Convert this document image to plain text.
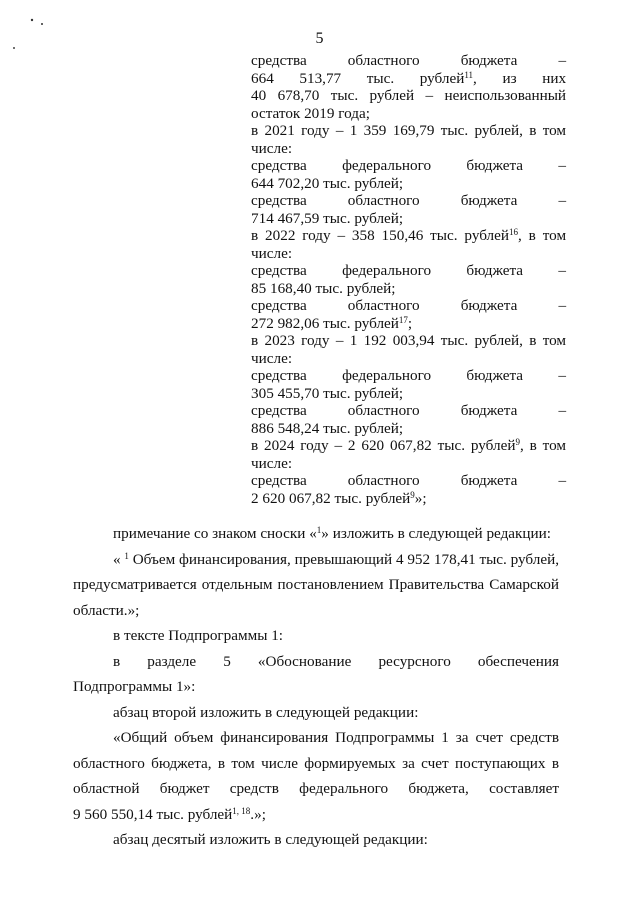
5
средства	областного	бюджета	–
664 513,77 тыс. рублей$^{11}$, из них
40 678,70 тыс. рублей – неиспользованный
остаток 2019 года;
в 2021 году – 1 359 169,79 тыс. рублей, в том
числе:
средства федерального бюджета –
644 702,20 тыс. рублей;
средства	областного	бюджета	–
714 467,59 тыс. рублей;
в 2022 году – 358 150,46 тыс. рублей$^{16}$, в том
числе:
средства федерального бюджета –
85 168,40 тыс. рублей;
средства	областного	бюджета	–
272 982,06 тыс. рублей$^{17}$;
в 2023 году – 1 192 003,94 тыс. рублей, в том
числе:
средства федерального бюджета –
305 455,70 тыс. рублей;
средства	областного	бюджета	–
886 548,24 тыс. рублей;
в 2024 году – 2 620 067,82 тыс. рублей$^9$, в том
числе:
средства	областного	бюджета	–
2 620 067,82 тыс. рублей$^9$»;
примечание со знаком сноски «$^1$» изложить в следующей редакции:
« $^1$ Объем финансирования, превышающий 4 952 178,41 тыс. рублей,
предусматривается отдельным постановлением Правительства Самарской
области.»;
в тексте Подпрограммы 1:
в разделе 5 «Обоснование ресурсного обеспечения
Подпрограммы 1»:
абзац второй изложить в следующей редакции:
«Общий объем финансирования Подпрограммы 1 за счет средств
областного бюджета, в том числе формируемых за счет поступающих в
областной бюджет средств федерального бюджета, составляет
9 560 550,14 тыс. рублей$^{1, 18}$.»;
абзац десятый изложить в следующей редакции:
